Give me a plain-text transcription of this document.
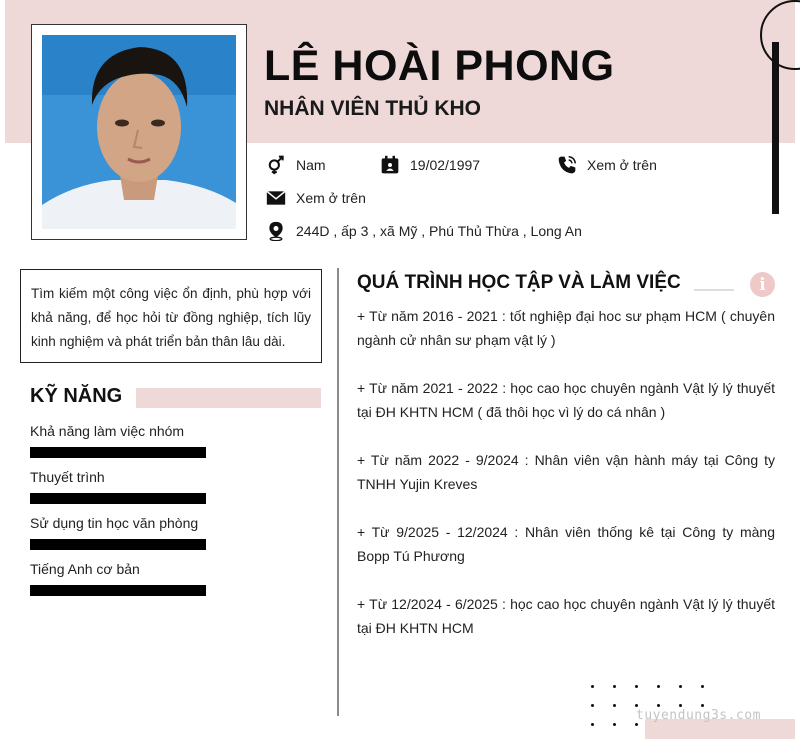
LÊ HOÀI PHONG
NHÂN VIÊN THỦ KHO
Nam	19/02/1997	Xem ở trên
Xem ở trên
244D , ấp 3 , xã Mỹ , Phú Thủ Thừa , Long An
Tìm kiếm một công việc ổn định, phù hợp với khả năng, để học hỏi từ đồng nghiệp, tích lũy kinh nghiệm và phát triển bản thân lâu dài.
KỸ NĂNG
Khả năng làm việc nhóm
Thuyết trình
Sử dụng tin học văn phòng
Tiếng Anh cơ bản
QUÁ TRÌNH HỌC TẬP VÀ LÀM VIỆC	i
+ Từ năm 2016 - 2021 : tốt nghiệp đại hoc sư phạm HCM ( chuyên ngành cử nhân sư phạm vật lý )
+ Từ năm 2021 - 2022 : học cao học chuyên ngành Vật lý lý thuyết tại ĐH KHTN HCM ( đã thôi học vì lý do cá nhân )
+ Từ năm 2022 - 9/2024 : Nhân viên vận hành máy tại Công ty TNHH Yujin Kreves
+ Từ 9/2025 - 12/2024 : Nhân viên thống kê tại Công ty màng Bopp Tú Phương
+ Từ 12/2024 - 6/2025 : học cao học chuyên ngành Vật lý lý thuyết tại ĐH KHTN HCM
tuyendung3s.com
